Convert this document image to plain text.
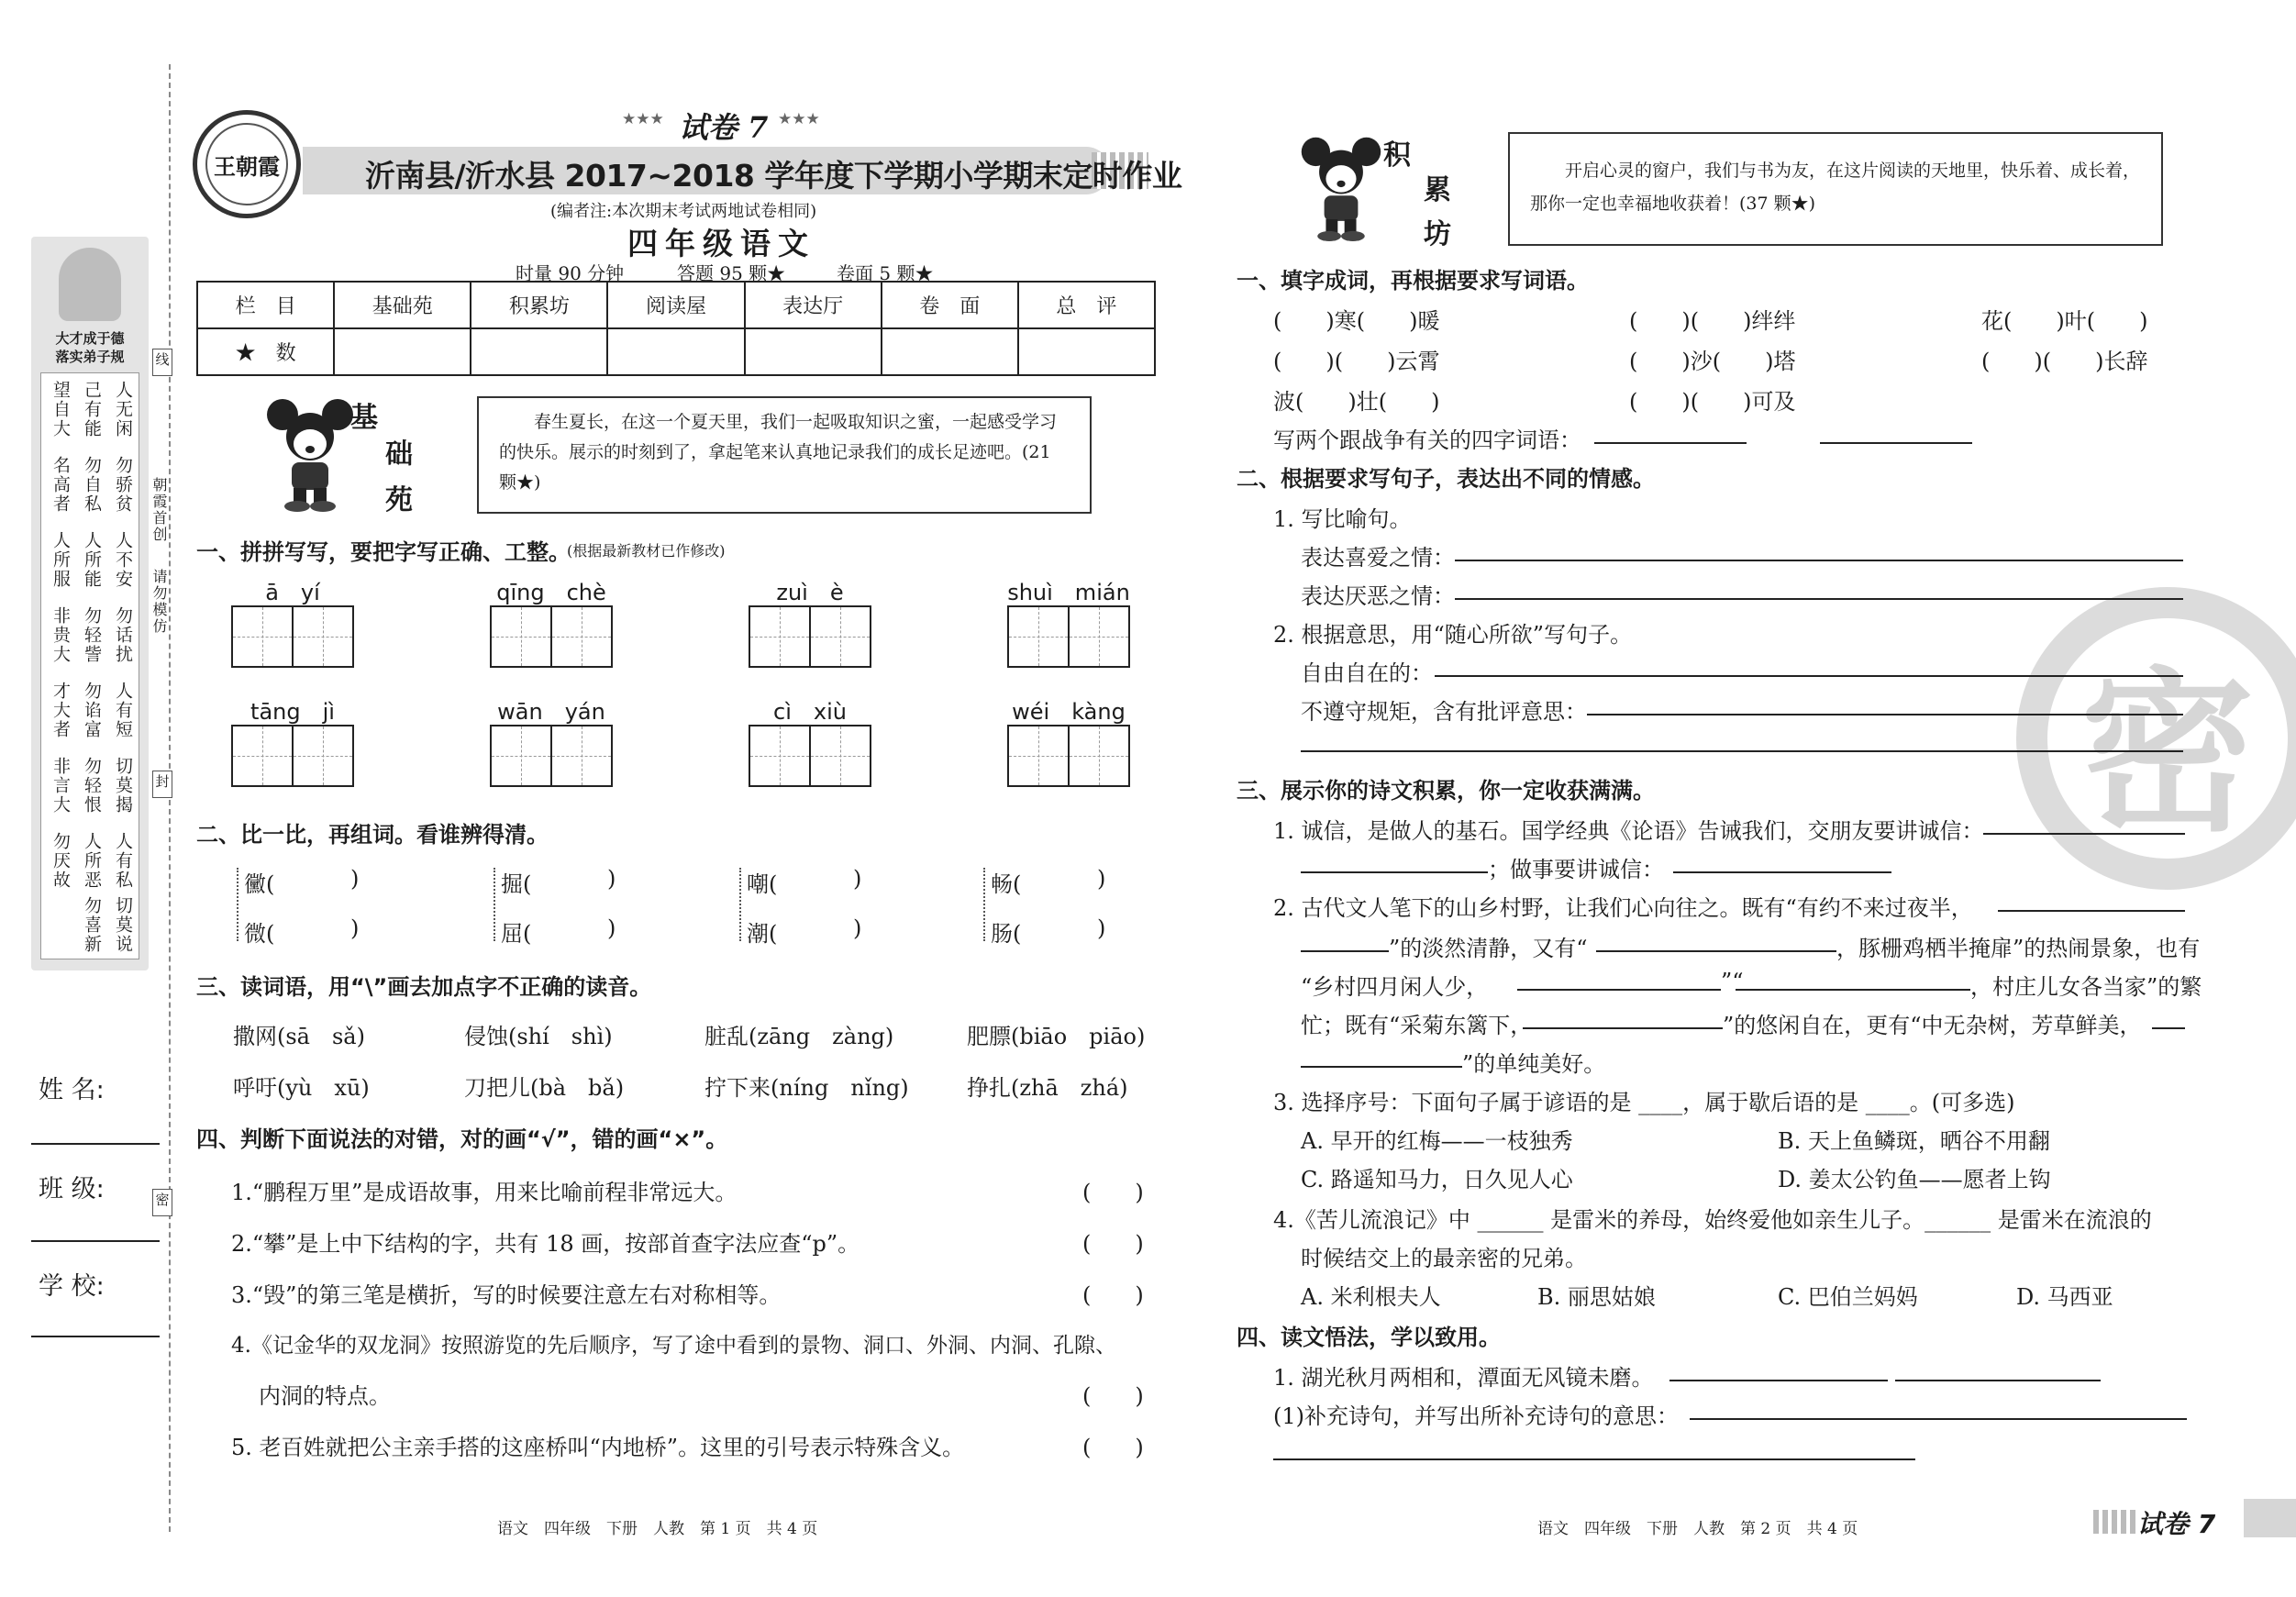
大才成于德
落实弟子规
人无闲
己有能
望自大
勿骄贫
勿自私
名高者
人不安
人所能
人所服
勿话扰
勿轻訾
非贵大
人有短
勿谄富
才大者
切莫揭
勿轻恨
非言大
人有私
人所恶
勿厌故
切莫说
勿喜新
线
封
密
朝霞首创
请勿模仿
姓 名:
班 级:
学 校:
王朝霞
★★★ 试卷 7 ★★★
沂南县/沂水县 2017~2018 学年度下学期小学期末定时作业
(编者注:本次期末考试两地试卷相同)
四年级语文
时量 90 分钟	答题 95 颗★	卷面 5 颗★
栏　目	基础苑	积累坊	阅读屋	表达厅	卷　面	总　评
★　数						
基
础
苑
春生夏长，在这一个夏天里，我们一起吸取知识之蜜，一起感受学习的快乐。展示的时刻到了，拿起笔来认真地记录我们的成长足迹吧。(21 颗★)
一、拼拼写写，要把字写正确、工整。
(根据最新教材已作修改)
ā　yí	qīng　chè	zuì　è	shuì　mián
tāng　jì	wān　yán	cì　xiù	wéi　kàng
二、比一比，再组词。看谁辨得清。
黴(	)
微(	)
掘(	)
屈(	)
嘲(	)
潮(	)
畅(	)
肠(	)
三、读词语，用“\”画去加点字不正确的读音。
撒网(sā　sǎ)	侵蚀(shí　shì)	脏乱(zāng　zàng)	肥膘(biāo　piāo)
呼吁(yù　xū)	刀把儿(bà　bǎ)	拧下来(níng　nǐng)	挣扎(zhā　zhá)
四、判断下面说法的对错，对的画“√”，错的画“×”。
1.“鹏程万里”是成语故事，用来比喻前程非常远大。	(　　)
2.“攀”是上中下结构的字，共有 18 画，按部首查字法应查“p”。	(　　)
3.“毁”的第三笔是横折，写的时候要注意左右对称相等。	(　　)
4.《记金华的双龙洞》按照游览的先后顺序，写了途中看到的景物、洞口、外洞、内洞、孔隙、
内洞的特点。	(　　)
5. 老百姓就把公主亲手搭的这座桥叫“内地桥”。这里的引号表示特殊含义。	(　　)
语文　四年级　下册　人教　第 1 页　共 4 页
积
累
坊
开启心灵的窗户，我们与书为友，在这片阅读的天地里，快乐着、成长着，那你一定也幸福地收获着！(37 颗★)
密
一、填字成词，再根据要求写词语。
(　　)寒(　　)暖	(　　)(　　)绊绊	花(　　)叶(　　)
(　　)(　　)云霄	(　　)沙(　　)塔	(　　)(　　)长辞
波(　　)壮(　　)	(　　)(　　)可及
写两个跟战争有关的四字词语：
二、根据要求写句子，表达出不同的情感。
1. 写比喻句。
表达喜爱之情：
表达厌恶之情：
2. 根据意思，用“随心所欲”写句子。
自由自在的：
不遵守规矩，含有批评意思：
三、展示你的诗文积累，你一定收获满满。
1. 诚信，是做人的基石。国学经典《论语》告诫我们，交朋友要讲诚信：
；做事要讲诚信：
2. 古代文人笔下的山乡村野，让我们心向往之。既有“有约不来过夜半，
”的淡然清静，又有“	，豚栅鸡栖半掩扉”的热闹景象，也有
“乡村四月闲人少，	”“	，村庄儿女各当家”的繁
忙；既有“采菊东篱下，	”的悠闲自在，更有“中无杂树，芳草鲜美，
”的单纯美好。
3. 选择序号：下面句子属于谚语的是 ____，属于歇后语的是 ____。(可多选)
A. 早开的红梅——一枝独秀	B. 天上鱼鳞斑，晒谷不用翻
C. 路遥知马力，日久见人心	D. 姜太公钓鱼——愿者上钩
4.《苦儿流浪记》中 ______ 是雷米的养母，始终爱他如亲生儿子。______ 是雷米在流浪的
时候结交上的最亲密的兄弟。
A. 米利根夫人	B. 丽思姑娘	C. 巴伯兰妈妈	D. 马西亚
四、读文悟法，学以致用。
1. 湖光秋月两相和，潭面无风镜未磨。
(1)补充诗句，并写出所补充诗句的意思：
语文　四年级　下册　人教　第 2 页　共 4 页	试卷 7
